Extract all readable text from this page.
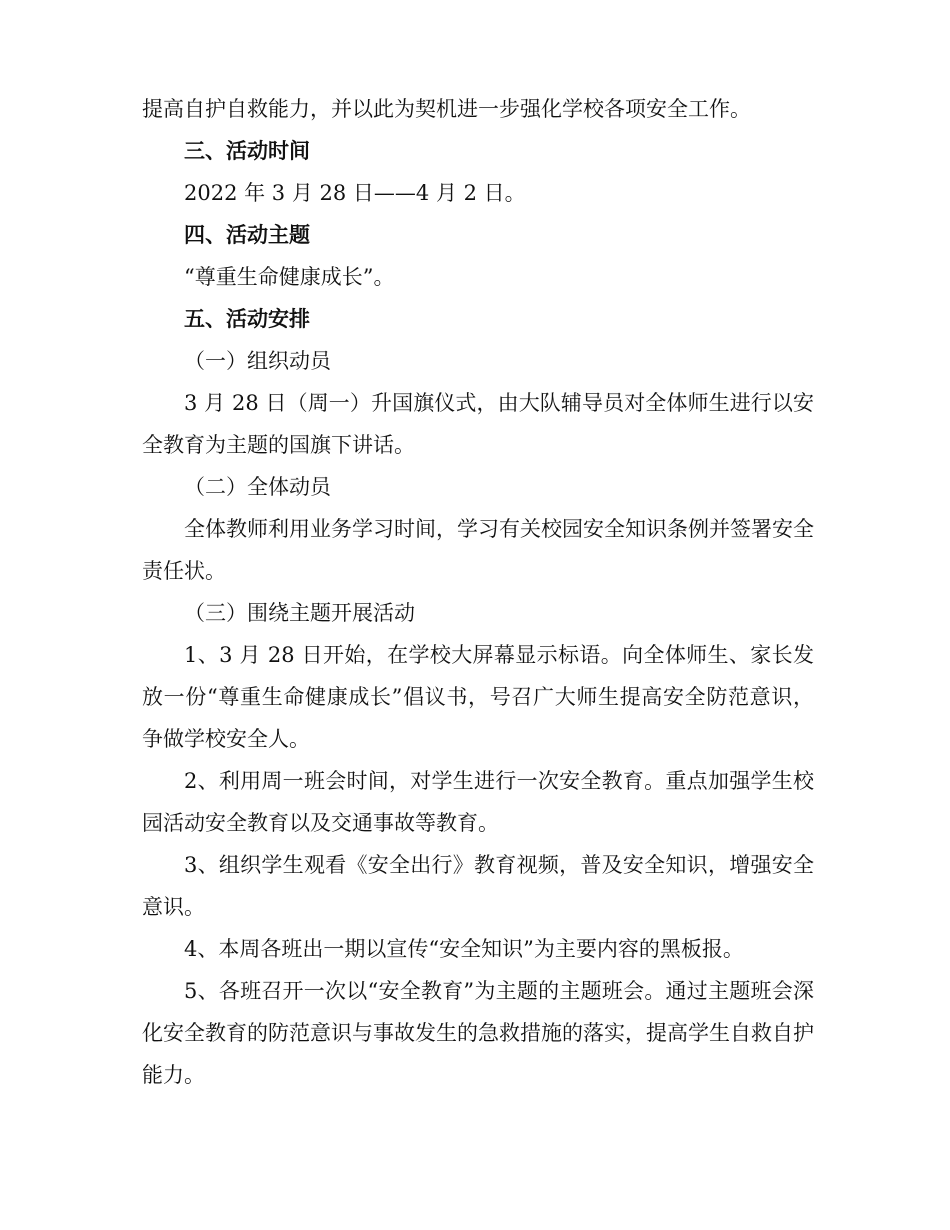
提高自护自救能力，并以此为契机进一步强化学校各项安全工作。

三、活动时间

2022 年 3 月 28 日——4 月 2 日。

四、活动主题

“尊重生命健康成长”。

五、活动安排

（一）组织动员

3 月 28 日（周一）升国旗仪式，由大队辅导员对全体师生进行以安全教育为主题的国旗下讲话。

（二）全体动员

全体教师利用业务学习时间，学习有关校园安全知识条例并签署安全责任状。

（三）围绕主题开展活动

1、3 月 28 日开始，在学校大屏幕显示标语。向全体师生、家长发放一份“尊重生命健康成长”倡议书，号召广大师生提高安全防范意识，争做学校安全人。

2、利用周一班会时间，对学生进行一次安全教育。重点加强学生校园活动安全教育以及交通事故等教育。

3、组织学生观看《安全出行》教育视频，普及安全知识，增强安全意识。

4、本周各班出一期以宣传“安全知识”为主要内容的黑板报。

5、各班召开一次以“安全教育”为主题的主题班会。通过主题班会深化安全教育的防范意识与事故发生的急救措施的落实，提高学生自救自护能力。
